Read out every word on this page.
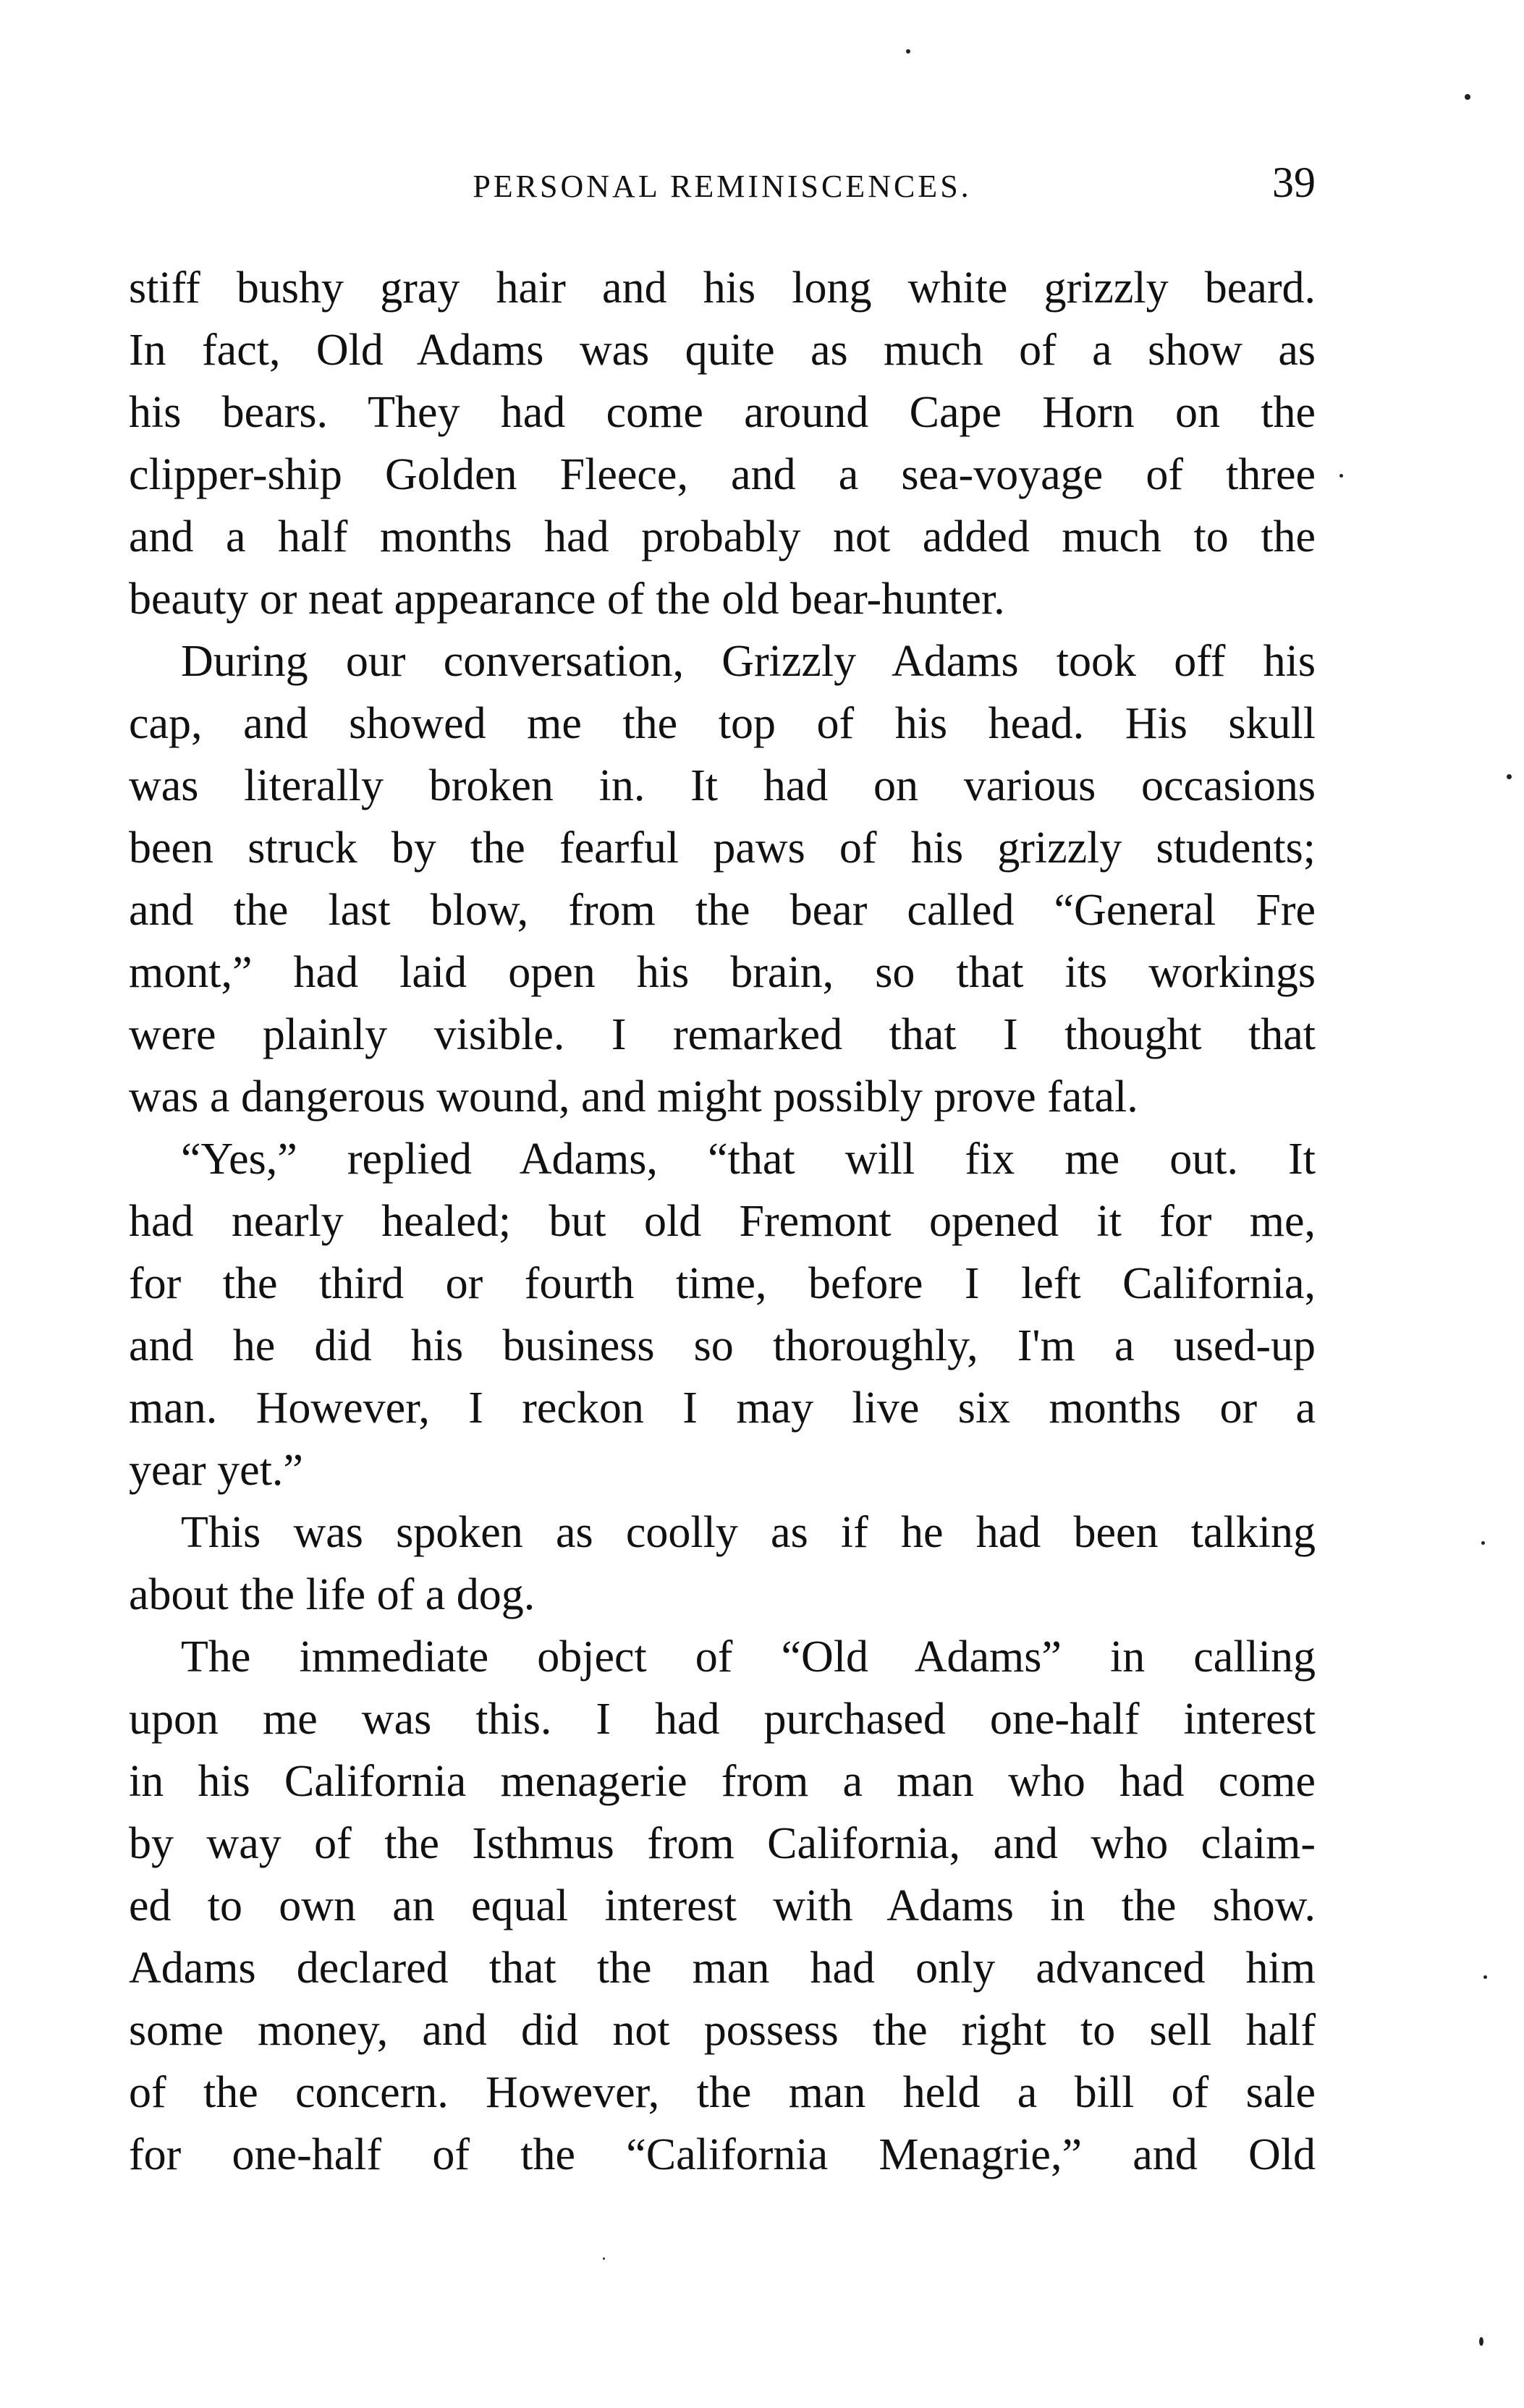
PERSONAL REMINISCENCES.	39
stiff bushy gray hair and his long white grizzly beard.
In fact, Old Adams was quite as much of a show as
his bears. They had come around Cape Horn on the
clipper-ship Golden Fleece, and a sea-voyage of three
and a half months had probably not added much to the
beauty or neat appearance of the old bear-hunter.
During our conversation, Grizzly Adams took off his
cap, and showed me the top of his head. His skull
was literally broken in. It had on various occasions
been struck by the fearful paws of his grizzly students;
and the last blow, from the bear called “General Fre
mont,” had laid open his brain, so that its workings
were plainly visible. I remarked that I thought that
was a dangerous wound, and might possibly prove fatal.
“Yes,” replied Adams, “that will fix me out. It
had nearly healed; but old Fremont opened it for me,
for the third or fourth time, before I left California,
and he did his business so thoroughly, I'm a used-up
man. However, I reckon I may live six months or a
year yet.”
This was spoken as coolly as if he had been talking
about the life of a dog.
The immediate object of “Old Adams” in calling
upon me was this. I had purchased one-half interest
in his California menagerie from a man who had come
by way of the Isthmus from California, and who claim-
ed to own an equal interest with Adams in the show.
Adams declared that the man had only advanced him
some money, and did not possess the right to sell half
of the concern. However, the man held a bill of sale
for one-half of the “California Menagrie,” and Old
